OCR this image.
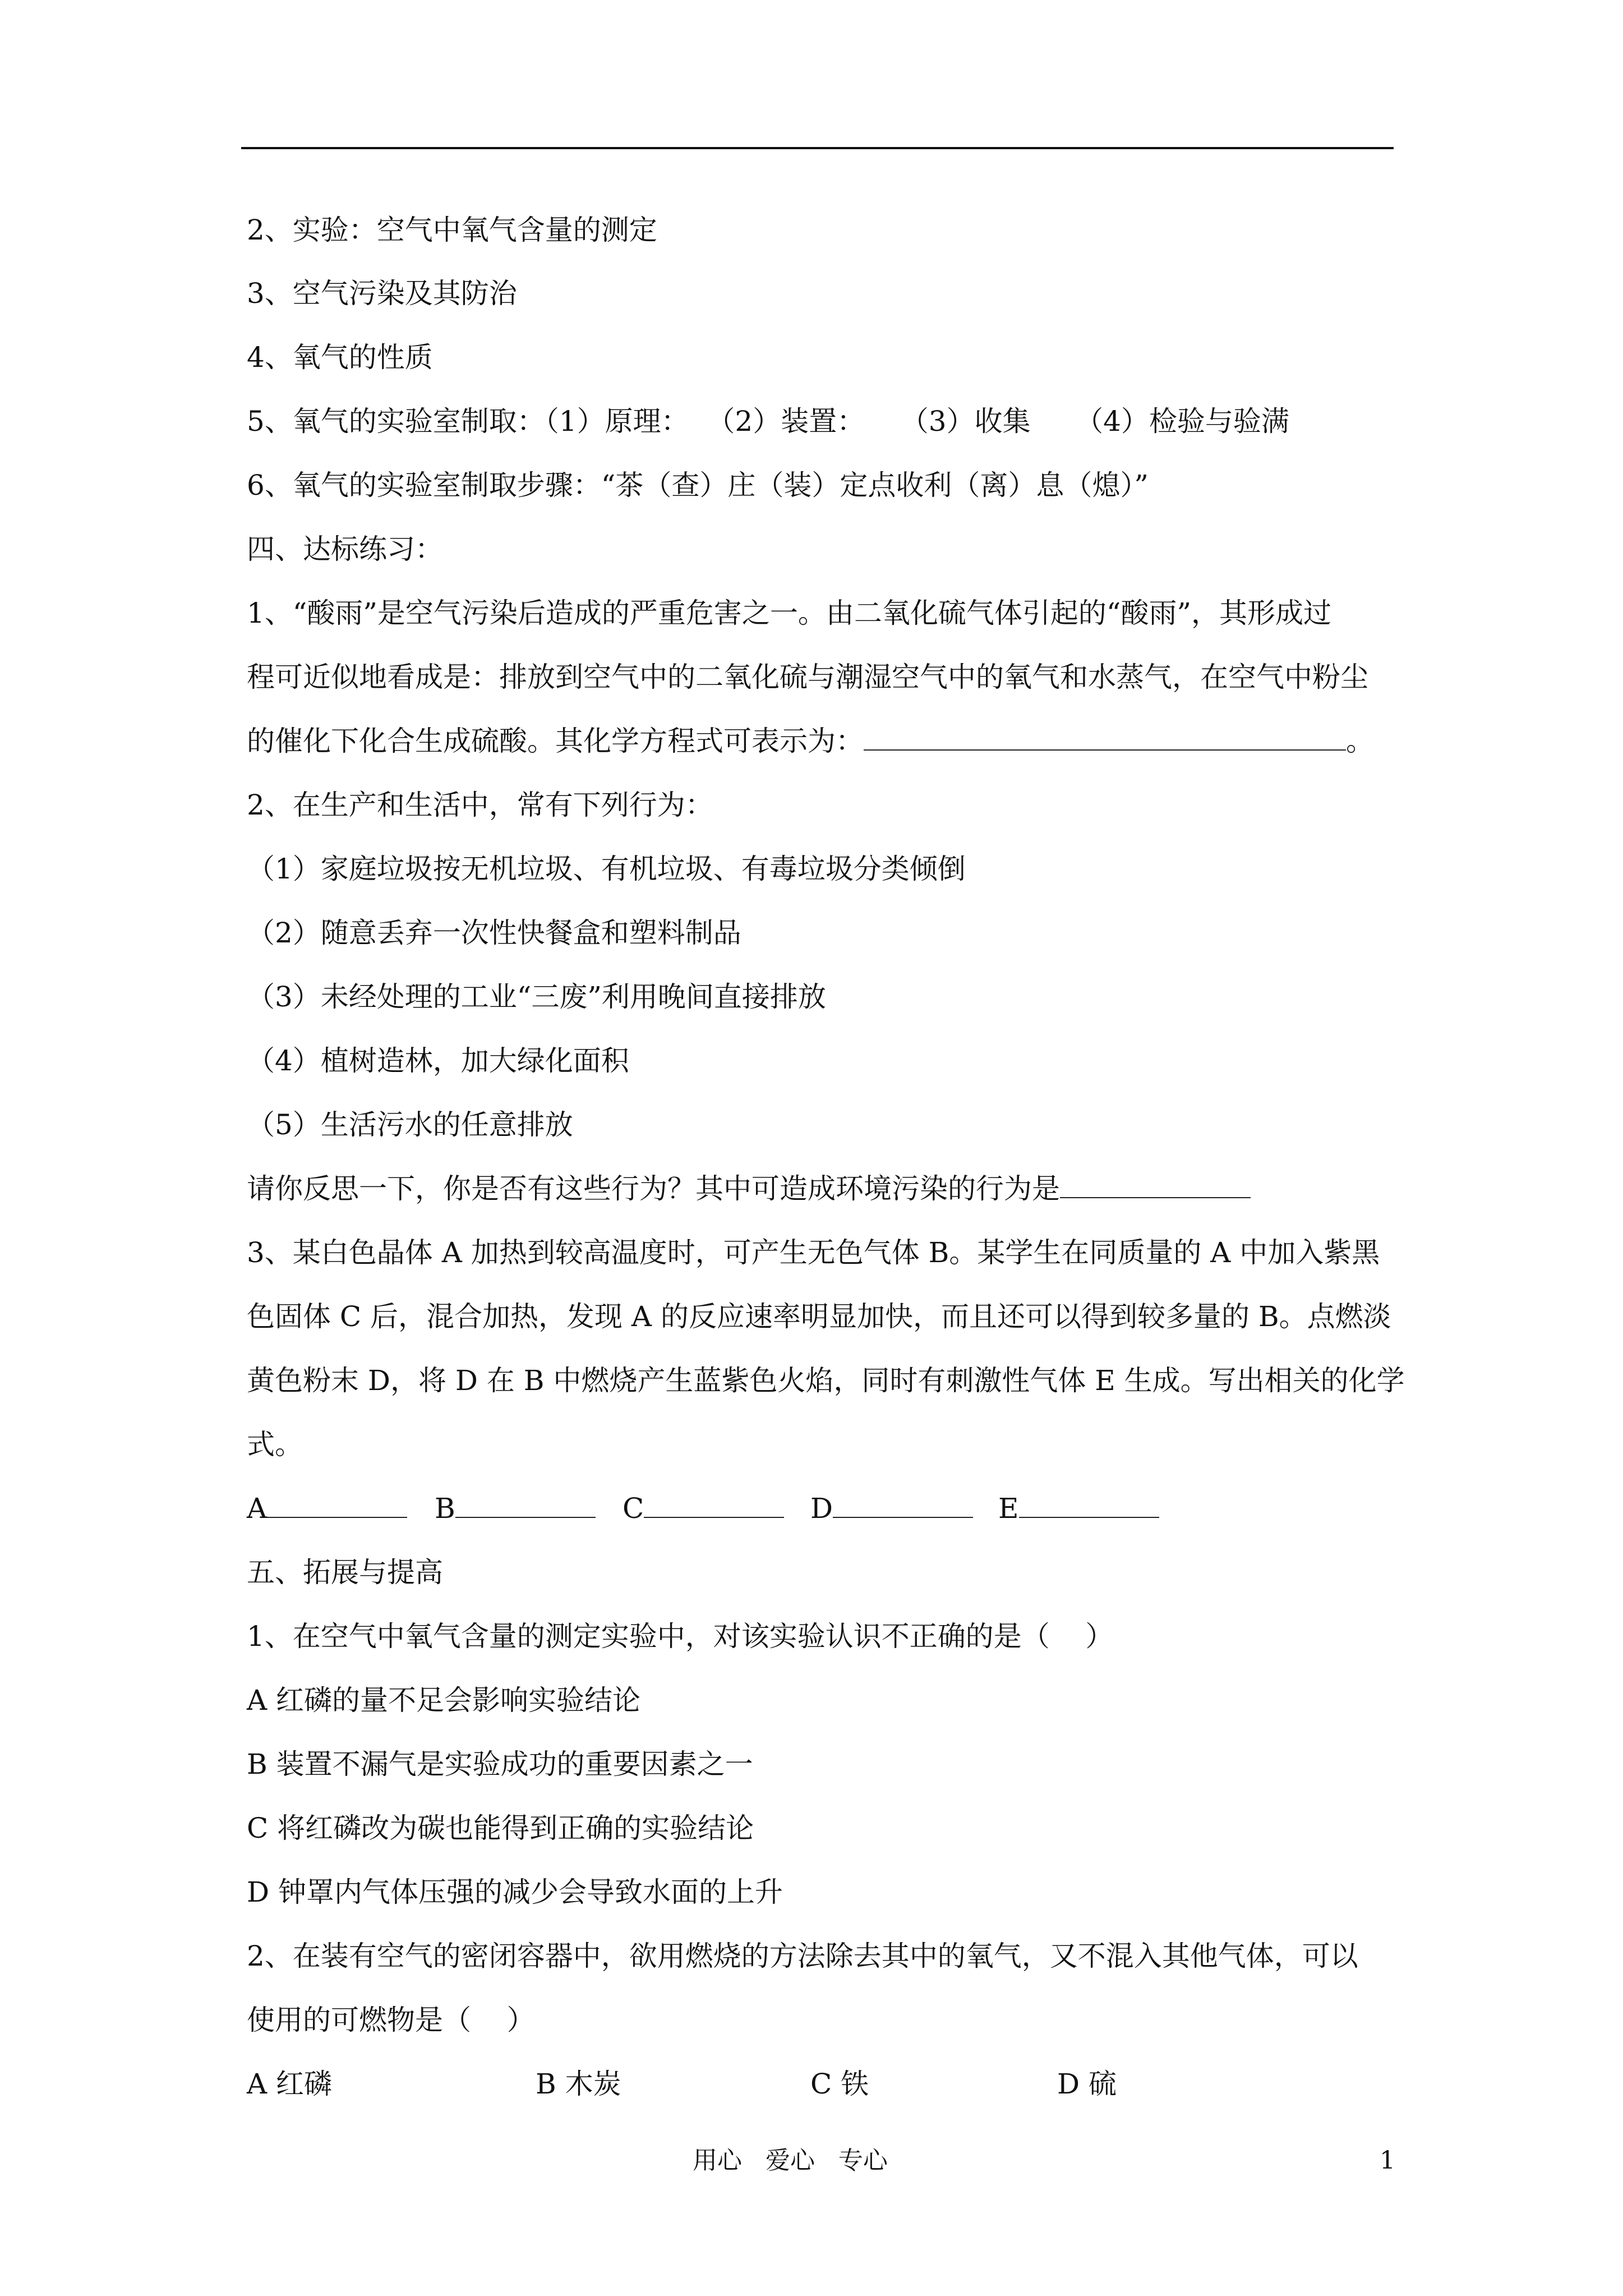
2、实验：空气中氧气含量的测定
3、空气污染及其防治
4、氧气的性质
5、氧气的实验室制取：（1）原理：  （2）装置：    （3）收集     （4）检验与验满
6、氧气的实验室制取步骤：“茶（查）庄（装）定点收利（离）息（熄）”
四、达标练习：
1、“酸雨”是空气污染后造成的严重危害之一。由二氧化硫气体引起的“酸雨”，其形成过
程可近似地看成是：排放到空气中的二氧化硫与潮湿空气中的氧气和水蒸气，在空气中粉尘
的催化下化合生成硫酸。其化学方程式可表示为：	。
2、在生产和生活中，常有下列行为：
（1）家庭垃圾按无机垃圾、有机垃圾、有毒垃圾分类倾倒
（2）随意丢弃一次性快餐盒和塑料制品
（3）未经处理的工业“三废”利用晚间直接排放
（4）植树造林，加大绿化面积
（5）生活污水的任意排放
请你反思一下，你是否有这些行为？其中可造成环境污染的行为是
3、某白色晶体 A 加热到较高温度时，可产生无色气体 B。某学生在同质量的 A 中加入紫黑
色固体 C 后，混合加热，发现 A 的反应速率明显加快，而且还可以得到较多量的 B。点燃淡
黄色粉末 D，将 D 在 B 中燃烧产生蓝紫色火焰，同时有刺激性气体 E 生成。写出相关的化学
式。
A	B	C	D	E
五、拓展与提高
1、在空气中氧气含量的测定实验中，对该实验认识不正确的是（    ）
A 红磷的量不足会影响实验结论
B 装置不漏气是实验成功的重要因素之一
C 将红磷改为碳也能得到正确的实验结论
D 钟罩内气体压强的减少会导致水面的上升
2、在装有空气的密闭容器中，欲用燃烧的方法除去其中的氧气，又不混入其他气体，可以
使用的可燃物是（    ）
A 红磷	B 木炭	C 铁	D 硫
用心   爱心   专心	1
